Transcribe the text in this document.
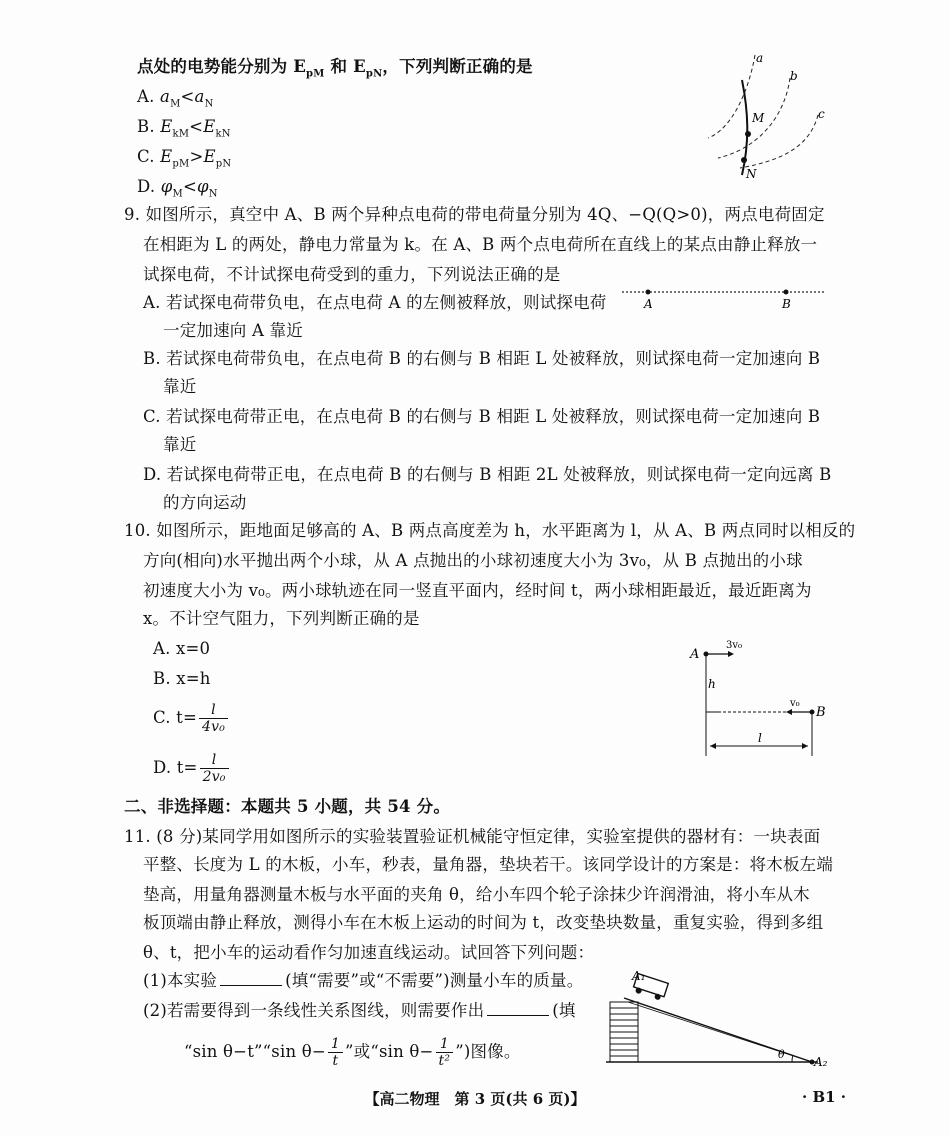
点处的电势能分别为 $E_{pM}$ 和 $E_{pN}$，下列判断正确的是
A. $a_M<a_N$
B. $E_{kM}<E_{kN}$
C. $E_{pM}>E_{pN}$
D. $\varphi_M<\varphi_N$
a
b
c
M
N
9. 如图所示，真空中 A、B 两个异种点电荷的带电荷量分别为 4Q、−Q(Q>0)，两点电荷固定
在相距为 L 的两处，静电力常量为 k。在 A、B 两个点电荷所在直线上的某点由静止释放一
试探电荷，不计试探电荷受到的重力，下列说法正确的是
A. 若试探电荷带负电，在点电荷 A 的左侧被释放，则试探电荷
一定加速向 A 靠近
B. 若试探电荷带负电，在点电荷 B 的右侧与 B 相距 L 处被释放，则试探电荷一定加速向 B
靠近
C. 若试探电荷带正电，在点电荷 B 的右侧与 B 相距 L 处被释放，则试探电荷一定加速向 B
靠近
D. 若试探电荷带正电，在点电荷 B 的右侧与 B 相距 2L 处被释放，则试探电荷一定向远离 B
的方向运动
A	B
10. 如图所示，距地面足够高的 A、B 两点高度差为 h，水平距离为 l，从 A、B 两点同时以相反的
方向(相向)水平抛出两个小球，从 A 点抛出的小球初速度大小为 3v₀，从 B 点抛出的小球
初速度大小为 v₀。两小球轨迹在同一竖直平面内，经时间 t，两小球相距最近，最近距离为
x。不计空气阻力，下列判断正确的是
A. x=0
B. x=h
C. $t= \frac{l}{\text{4v₀}}$
D. $t= \frac{l}{\text{2v₀}}$
A
3v₀
h
v₀
B
l
二、非选择题：本题共 5 小题，共 54 分。
11. (8 分)某同学用如图所示的实验装置验证机械能守恒定律，实验室提供的器材有：一块表面
平整、长度为 L 的木板，小车，秒表，量角器，垫块若干。该同学设计的方案是：将木板左端
垫高，用量角器测量木板与水平面的夹角 θ，给小车四个轮子涂抹少许润滑油，将小车从木
板顶端由静止释放，测得小车在木板上运动的时间为 t，改变垫块数量，重复实验，得到多组
θ、t，把小车的运动看作匀加速直线运动。试回答下列问题：
(1)本实验	(填“需要”或“不需要”)测量小车的质量。
(2)若需要得到一条线性关系图线，则需要作出	(填
“sin θ−t”“sin $\theta- \frac{1}{t}$ ”或“sin $\theta- \frac{1}{\text{t²}}$ ”)图像。
A₁
θ
A₂
【高二物理　第 3 页(共 6 页)】	· B1 ·
